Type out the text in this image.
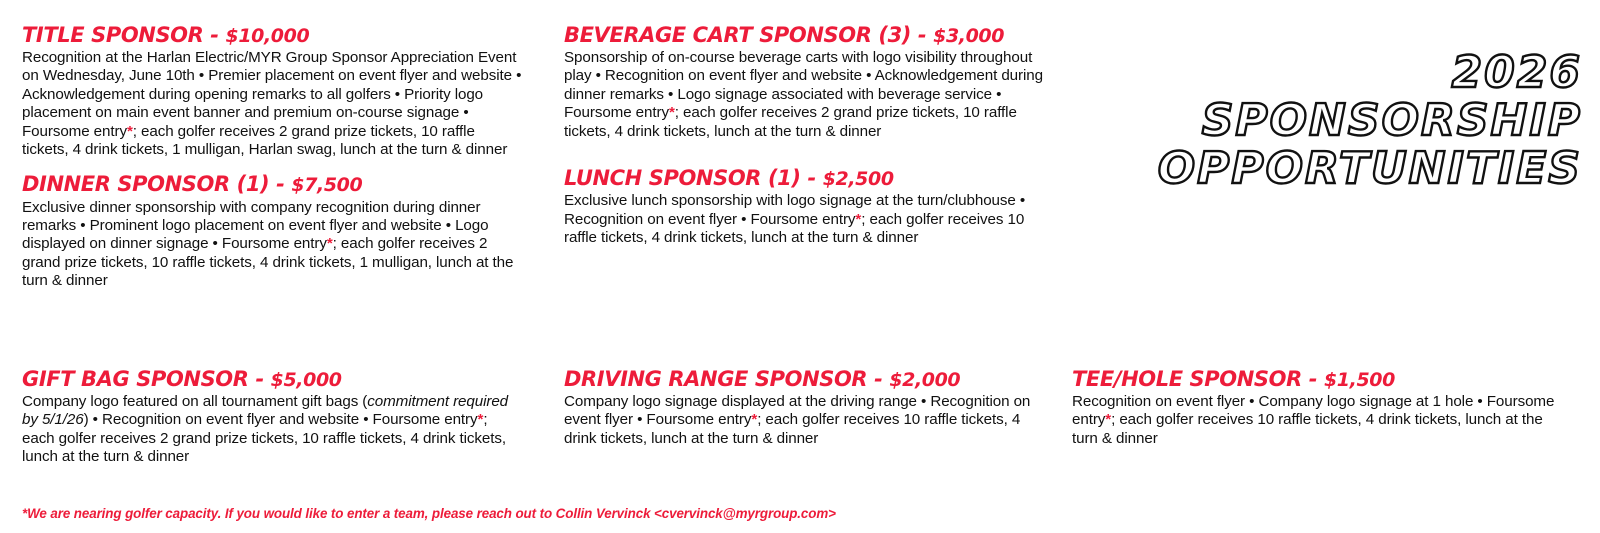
TITLE SPONSOR - $10,000

Recognition at the Harlan Electric/MYR Group Sponsor Appreciation Event on Wednesday, June 10th • Premier placement on event flyer and website • Acknowledgement during opening remarks to all golfers • Priority logo placement on main event banner and premium on-course signage • Foursome entry*; each golfer receives 2 grand prize tickets, 10 raffle tickets, 4 drink tickets, 1 mulligan, Harlan swag, lunch at the turn & dinner

DINNER SPONSOR (1) - $7,500

Exclusive dinner sponsorship with company recognition during dinner remarks • Prominent logo placement on event flyer and website • Logo displayed on dinner signage • Foursome entry*; each golfer receives 2 grand prize tickets, 10 raffle tickets, 4 drink tickets, 1 mulligan, lunch at the turn & dinner

BEVERAGE CART SPONSOR (3) - $3,000

Sponsorship of on-course beverage carts with logo visibility throughout play • Recognition on event flyer and website • Acknowledgement during dinner remarks • Logo signage associated with beverage service • Foursome entry*; each golfer receives 2 grand prize tickets, 10 raffle tickets, 4 drink tickets, lunch at the turn & dinner

LUNCH SPONSOR (1) - $2,500

Exclusive lunch sponsorship with logo signage at the turn/clubhouse • Recognition on event flyer • Foursome entry*; each golfer receives 10 raffle tickets, 4 drink tickets, lunch at the turn & dinner

2026
SPONSORSHIP
OPPORTUNITIES
GIFT BAG SPONSOR - $5,000

Company logo featured on all tournament gift bags (commitment required by 5/1/26) • Recognition on event flyer and website • Foursome entry*; each golfer receives 2 grand prize tickets, 10 raffle tickets, 4 drink tickets, lunch at the turn & dinner

DRIVING RANGE SPONSOR - $2,000

Company logo signage displayed at the driving range • Recognition on event flyer • Foursome entry*; each golfer receives 10 raffle tickets, 4 drink tickets, lunch at the turn & dinner

TEE/HOLE SPONSOR - $1,500

Recognition on event flyer • Company logo signage at 1 hole • Foursome entry*; each golfer receives 10 raffle tickets, 4 drink tickets, lunch at the turn & dinner

*We are nearing golfer capacity. If you would like to enter a team, please reach out to Collin Vervinck <cvervinck@myrgroup.com>
